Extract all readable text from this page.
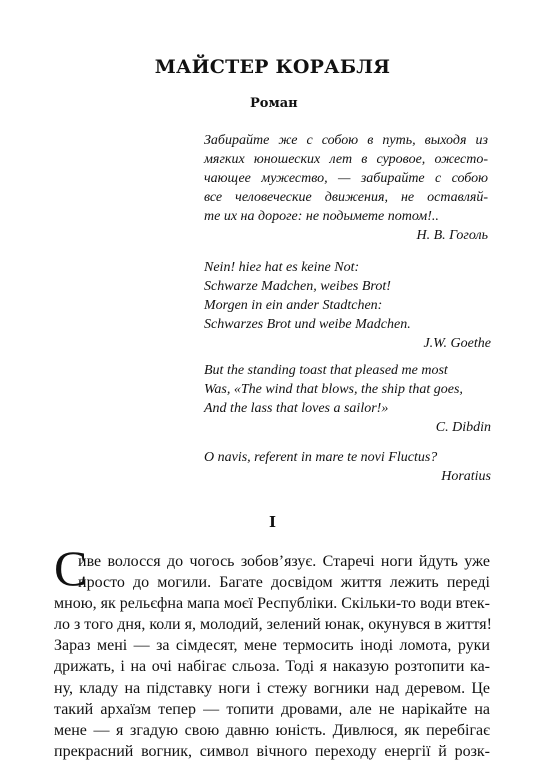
МАЙСТЕР КОРАБЛЯ
Роман
Забирайте же с собою в путь, выходя из
мягких юношеских лет в суровое, ожесто-
чающее мужество, — забирайте с собою
все человеческие движения, не оставляй-
те их на дороге: не подымете потом!..
Н. В. Гоголь
Nein! hieг hat es keine Not:
Schwarze Madchen, weibes Brot!
Morgen in ein ander Stadtchen:
Schwarzes Brot und weibe Madchen.
J.W. Goethe
But the standing toast that pleased me most
Was, «The wind that blows, the ship that goes,
And the lass that loves a sailor!»
C. Dibdin
O navis, referent in mare te novi Fluctus?
Horatius
I
С
иве волосся до чогось зобов’язує. Старечі ноги йдуть уже
просто до могили. Багате досвідом життя лежить переді
мною, як рельєфна мапа моєї Республіки. Скільки-то води втек-
ло з того дня, коли я, молодий, зелений юнак, окунувся в життя!
Зараз мені — за сімдесят, мене термосить іноді ломота, руки
дрижать, і на очі набігає сльоза. Тоді я наказую розтопити ка-
ну, кладу на підставку ноги і стежу вогники над деревом. Це
такий архаїзм тепер — топити дровами, але не нарікайте на
мене — я згадую свою давню юність. Дивлюся, як перебігає
прекрасний вогник, символ вічного переходу енергії й розк-
